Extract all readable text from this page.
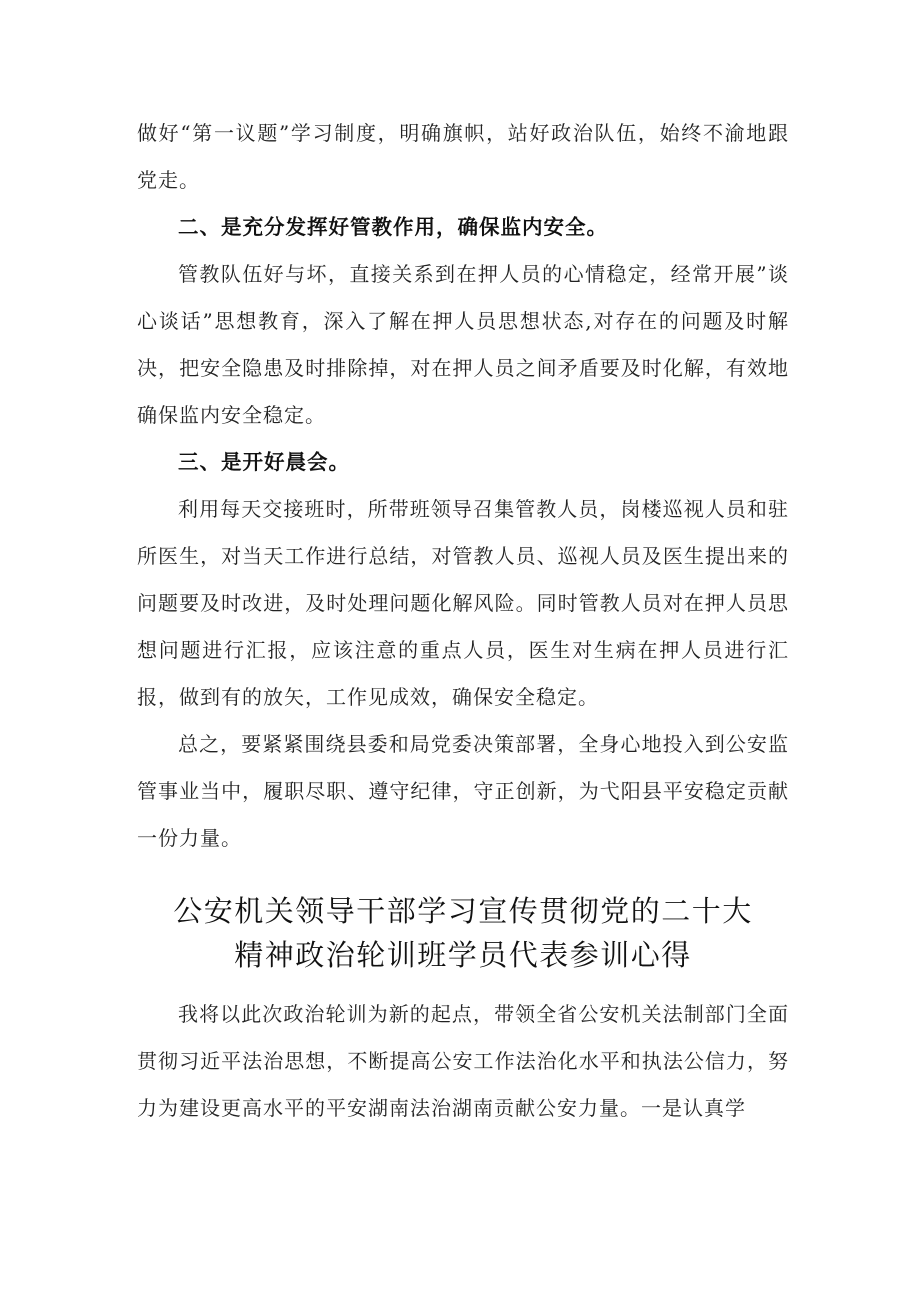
做好“第一议题”学习制度，明确旗帜，站好政治队伍，始终不渝地跟党走。

二、是充分发挥好管教作用，确保监内安全。

管教队伍好与坏，直接关系到在押人员的心情稳定，经常开展”谈心谈话”思想教育，深入了解在押人员思想状态,对存在的问题及时解决，把安全隐患及时排除掉，对在押人员之间矛盾要及时化解，有效地确保监内安全稳定。

三、是开好晨会。

利用每天交接班时，所带班领导召集管教人员，岗楼巡视人员和驻所医生，对当天工作进行总结，对管教人员、巡视人员及医生提出来的问题要及时改进，及时处理问题化解风险。同时管教人员对在押人员思想问题进行汇报，应该注意的重点人员，医生对生病在押人员进行汇报，做到有的放矢，工作见成效，确保安全稳定。

总之，要紧紧围绕县委和局党委决策部署，全身心地投入到公安监管事业当中，履职尽职、遵守纪律，守正创新，为弋阳县平安稳定贡献一份力量。

公安机关领导干部学习宣传贯彻党的二十大
精神政治轮训班学员代表参训心得

我将以此次政治轮训为新的起点，带领全省公安机关法制部门全面贯彻习近平法治思想，不断提高公安工作法治化水平和执法公信力，努力为建设更高水平的平安湖南法治湖南贡献公安力量。一是认真学
